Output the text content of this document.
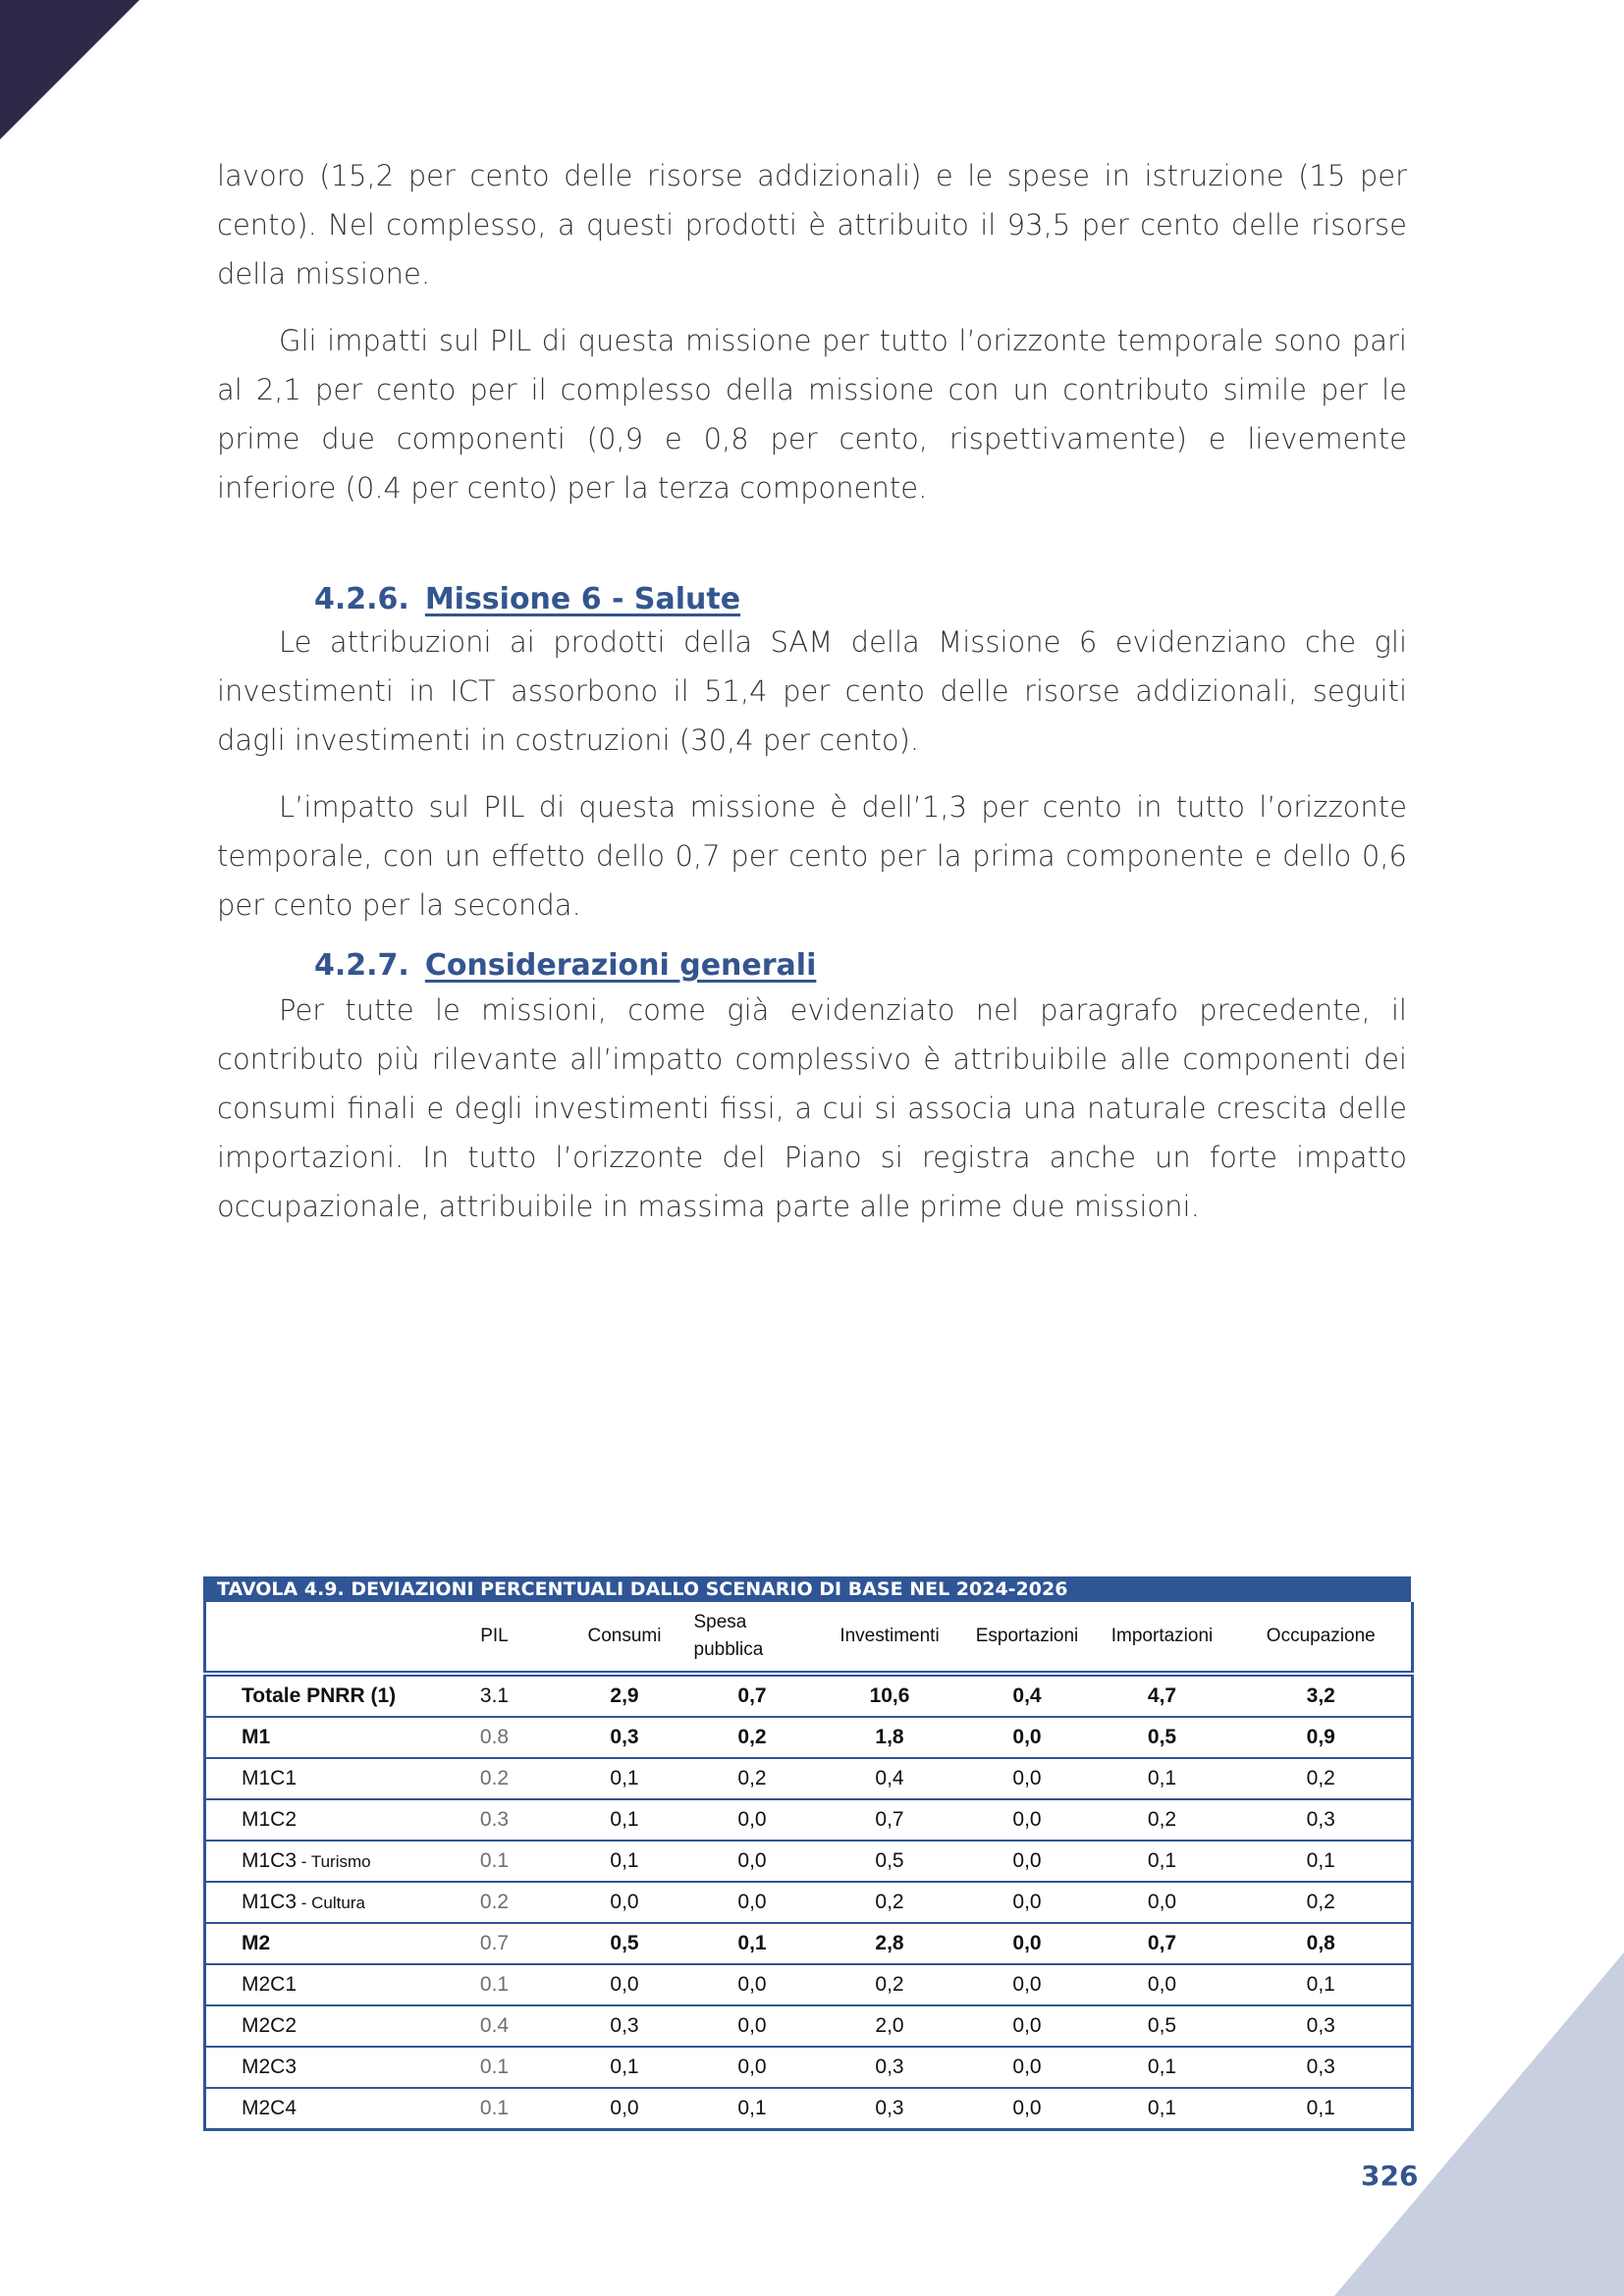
lavoro (15,2 per cento delle risorse addizionali) e le spese in istruzione (15 per cento). Nel complesso, a questi prodotti è attribuito il 93,5 per cento delle risorse della missione.

Gli impatti sul PIL di questa missione per tutto l’orizzonte temporale sono pari al 2,1 per cento per il complesso della missione con un contributo simile per le prime due componenti (0,9 e 0,8 per cento, rispettivamente) e lievemente inferiore (0.4 per cento) per la terza componente.

4.2.6. Missione 6 - Salute

Le attribuzioni ai prodotti della SAM della Missione 6 evidenziano che gli investimenti in ICT assorbono il 51,4 per cento delle risorse addizionali, seguiti dagli investimenti in costruzioni (30,4 per cento).

L’impatto sul PIL di questa missione è dell’1,3 per cento in tutto l’orizzonte temporale, con un effetto dello 0,7 per cento per la prima componente e dello 0,6 per cento per la seconda.

4.2.7. Considerazioni generali

Per tutte le missioni, come già evidenziato nel paragrafo precedente, il contributo più rilevante all’impatto complessivo è attribuibile alle componenti dei consumi finali e degli investimenti fissi, a cui si associa una naturale crescita delle importazioni. In tutto l’orizzonte del Piano si registra anche un forte impatto occupazionale, attribuibile in massima parte alle prime due missioni.

TAVOLA 4.9. DEVIAZIONI PERCENTUALI DALLO SCENARIO DI BASE NEL 2024-2026
	PIL	Consumi	Spesa pubblica	Investimenti	Esportazioni	Importazioni	Occupazione
Totale PNRR (1)	3.1	2,9	0,7	10,6	0,4	4,7	3,2
M1	0.8	0,3	0,2	1,8	0,0	0,5	0,9
M1C1	0.2	0,1	0,2	0,4	0,0	0,1	0,2
M1C2	0.3	0,1	0,0	0,7	0,0	0,2	0,3
M1C3 - Turismo	0.1	0,1	0,0	0,5	0,0	0,1	0,1
M1C3 - Cultura	0.2	0,0	0,0	0,2	0,0	0,0	0,2
M2	0.7	0,5	0,1	2,8	0,0	0,7	0,8
M2C1	0.1	0,0	0,0	0,2	0,0	0,0	0,1
M2C2	0.4	0,3	0,0	2,0	0,0	0,5	0,3
M2C3	0.1	0,1	0,0	0,3	0,0	0,1	0,3
M2C4	0.1	0,0	0,1	0,3	0,0	0,1	0,1
326
